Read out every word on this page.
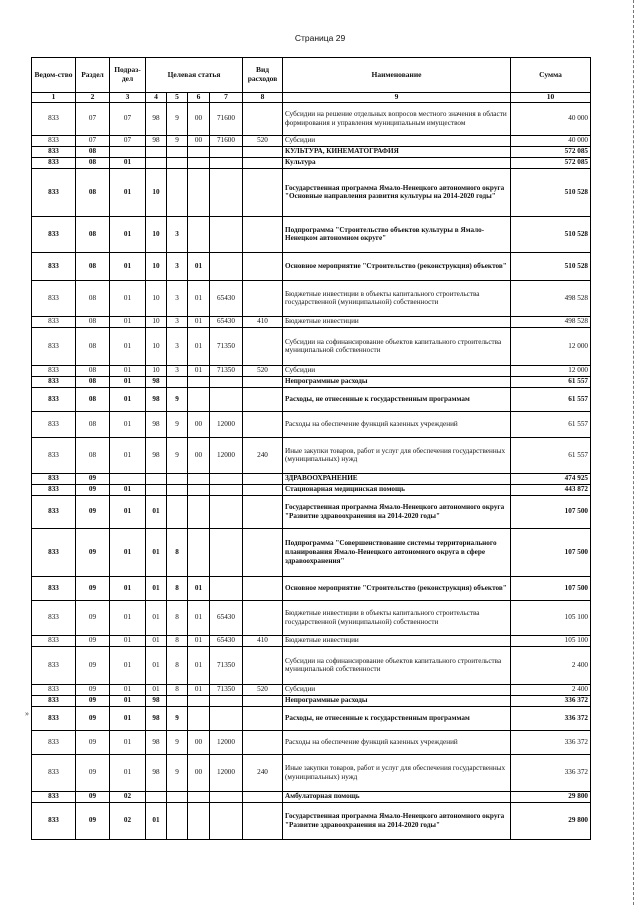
Страница 29
»
Ведом-ство	Раздел	Подраз-дел	Целевая статья				Вид расходов	Наименование	Сумма
1	2	3	4	5	6	7	8	9	10
833	07	07	98	9	00	71600		Субсидии на решение отдельных вопросов местного значения в области формирования и управления муниципальным имуществом	40 000
833	07	07	98	9	00	71600	520	Субсидии	40 000
833	08							КУЛЬТУРА, КИНЕМАТОГРАФИЯ	572 085
833	08	01						Культура	572 085
833	08	01	10					Государственная программа Ямало-Ненецкого автономного округа "Основные направления развития культуры на 2014-2020 годы"	510 528
833	08	01	10	3				Подпрограмма "Строительство объектов культуры в Ямало-Ненецком автономном округе"	510 528
833	08	01	10	3	01			Основное мероприятие "Строительство (реконструкция) объектов"	510 528
833	08	01	10	3	01	65430		Бюджетные инвестиции в объекты капитального строительства государственной (муниципальной) собственности	498 528
833	08	01	10	3	01	65430	410	Бюджетные инвестиции	498 528
833	08	01	10	3	01	71350		Субсидии на софинансирование объектов капитального строительства муниципальной собственности	12 000
833	08	01	10	3	01	71350	520	Субсидии	12 000
833	08	01	98					Непрограммные расходы	61 557
833	08	01	98	9				Расходы, не отнесенные к государственным программам	61 557
833	08	01	98	9	00	12000		Расходы на обеспечение функций казенных учреждений	61 557
833	08	01	98	9	00	12000	240	Иные закупки товаров, работ и услуг для обеспечения государственных (муниципальных) нужд	61 557
833	09							ЗДРАВООХРАНЕНИЕ	474 925
833	09	01						Стационарная медицинская помощь	443 872
833	09	01	01					Государственная программа Ямало-Ненецкого автономного округа "Развитие здравоохранения на 2014-2020 годы"	107 500
833	09	01	01	8				Подпрограмма "Совершенствование системы территориального планирования Ямало-Ненецкого автономного округа в сфере здравоохранения"	107 500
833	09	01	01	8	01			Основное мероприятие "Строительство (реконструкция) объектов"	107 500
833	09	01	01	8	01	65430		Бюджетные инвестиции в объекты капитального строительства государственной (муниципальной) собственности	105 100
833	09	01	01	8	01	65430	410	Бюджетные инвестиции	105 100
833	09	01	01	8	01	71350		Субсидии на софинансирование объектов капитального строительства муниципальной собственности	2 400
833	09	01	01	8	01	71350	520	Субсидии	2 400
833	09	01	98					Непрограммные расходы	336 372
833	09	01	98	9				Расходы, не отнесенные к государственным программам	336 372
833	09	01	98	9	00	12000		Расходы на обеспечение функций казенных учреждений	336 372
833	09	01	98	9	00	12000	240	Иные закупки товаров, работ и услуг для обеспечения государственных (муниципальных) нужд	336 372
833	09	02						Амбулаторная помощь	29 800
833	09	02	01					Государственная программа Ямало-Ненецкого автономного округа "Развитие здравоохранения на 2014-2020 годы"	29 800
